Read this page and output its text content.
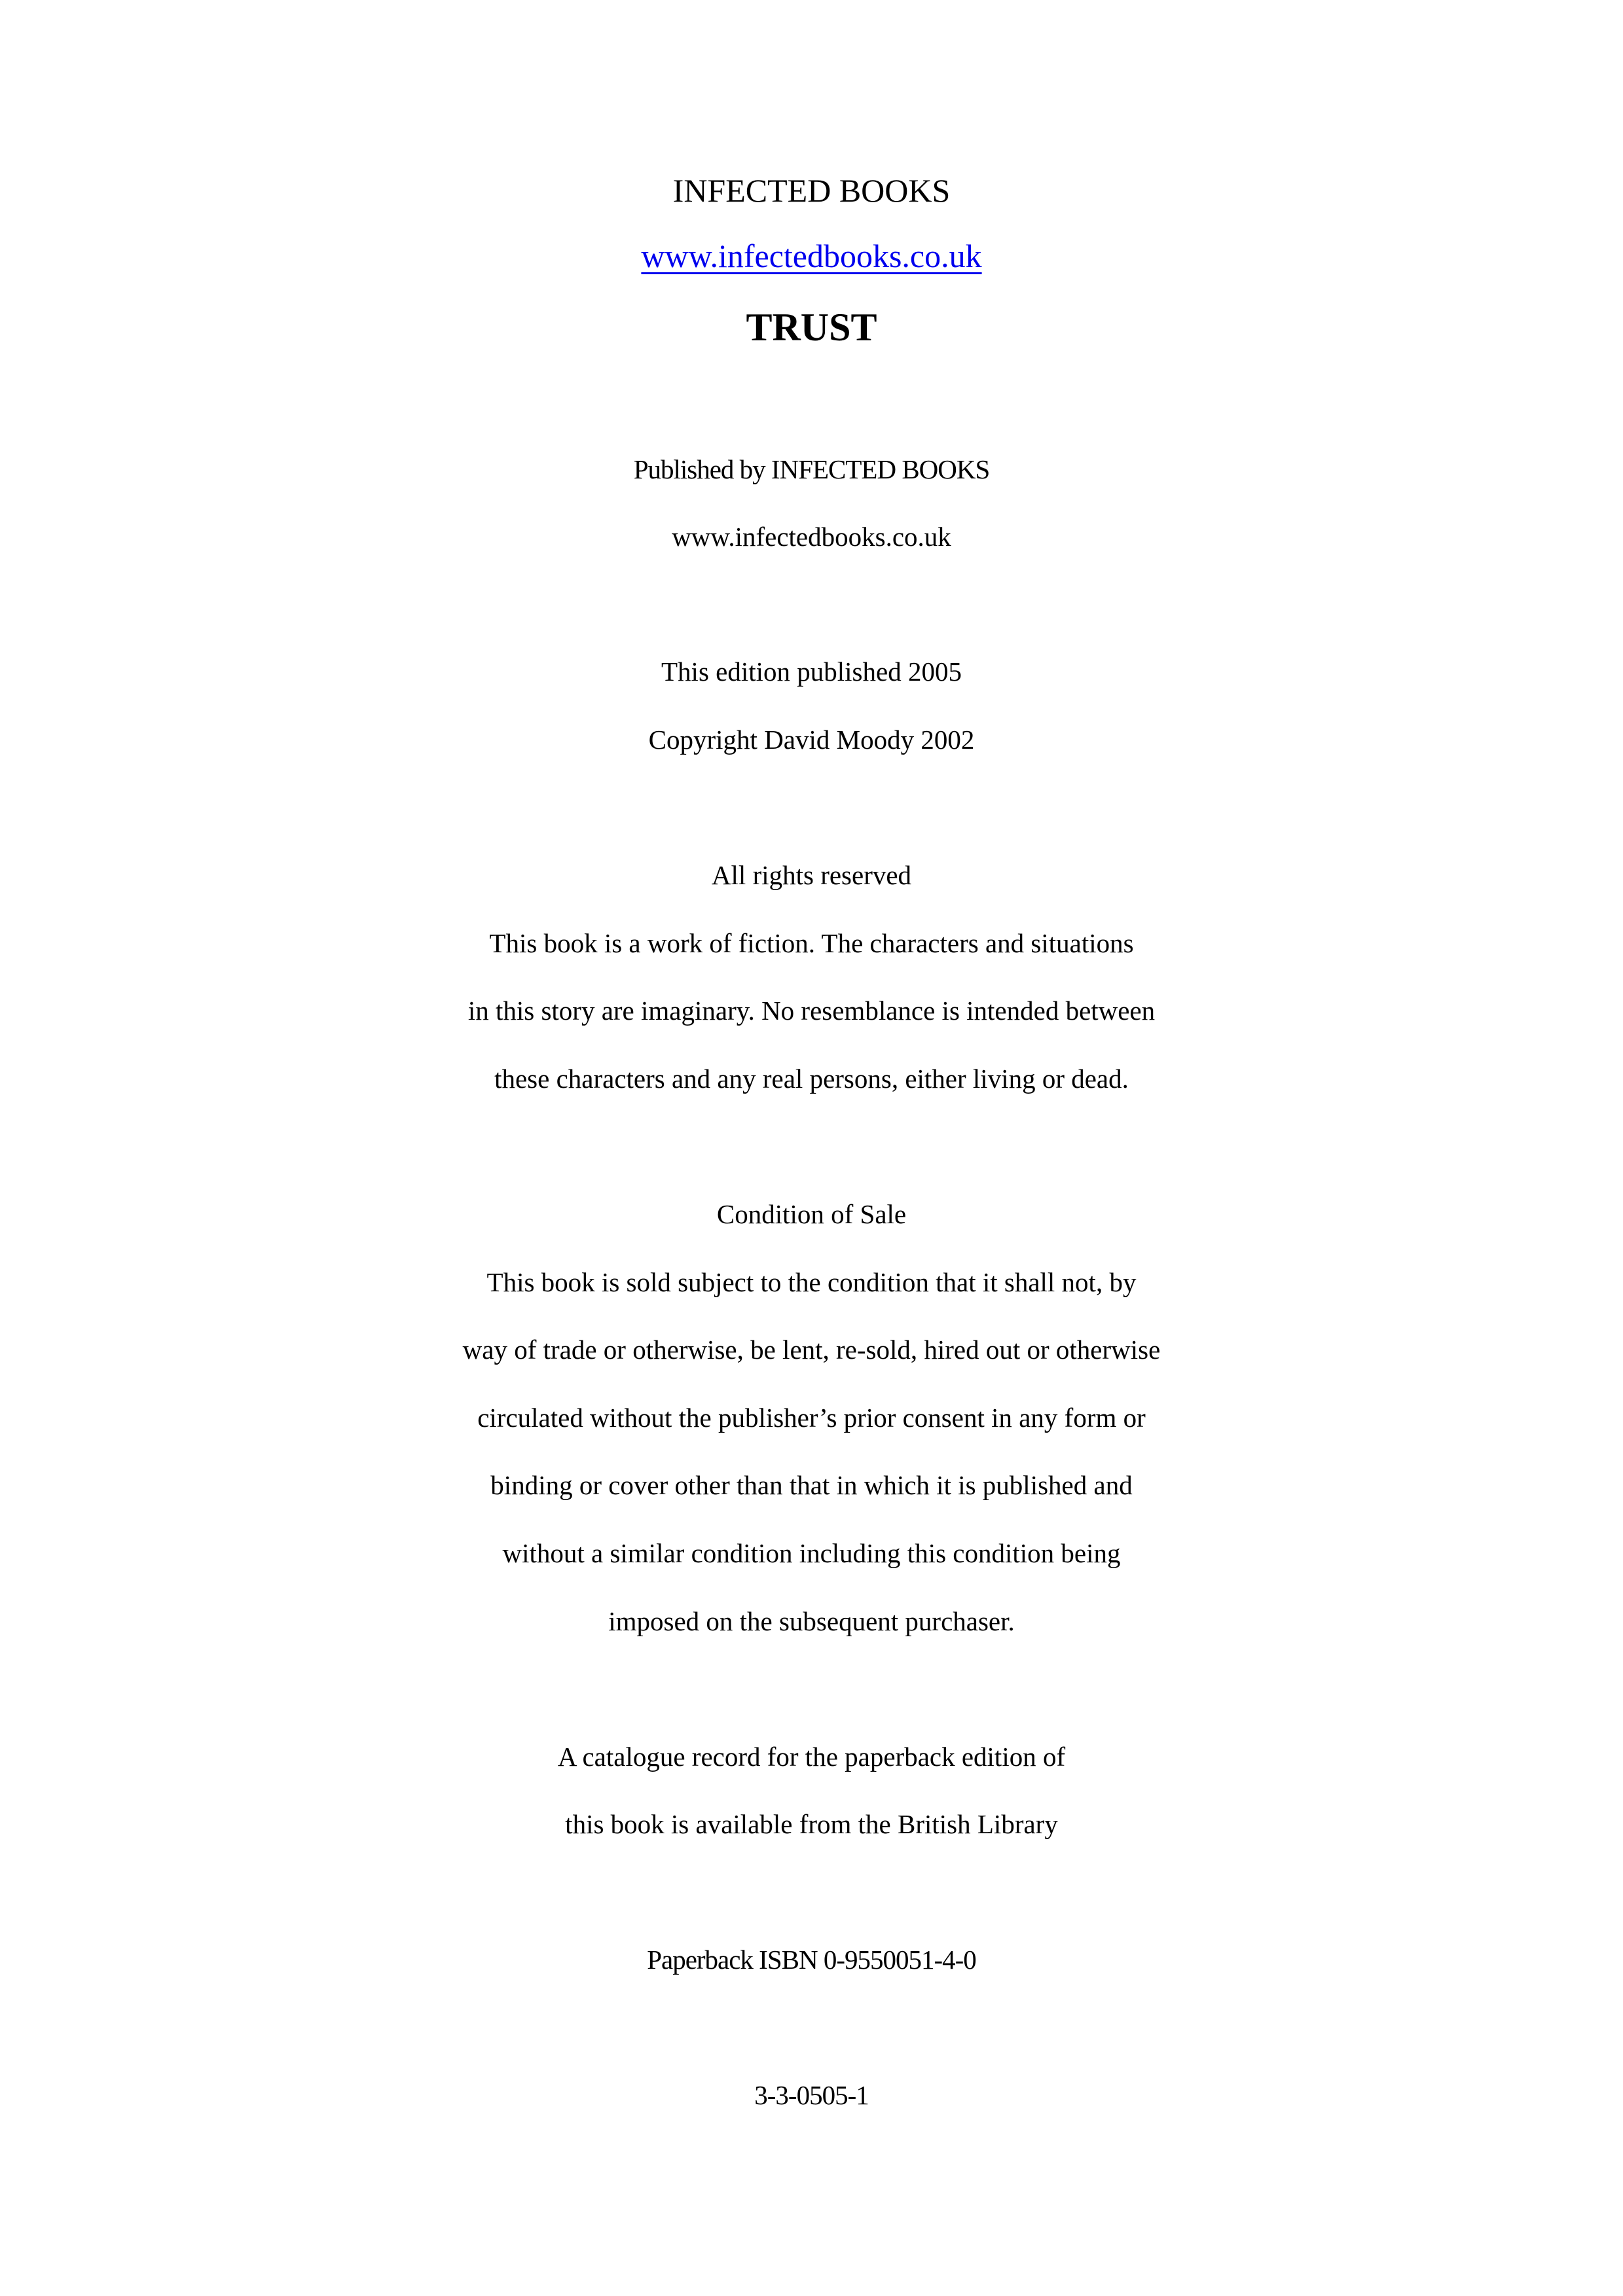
INFECTED BOOKS

www.infectedbooks.co.uk

TRUST

Published by INFECTED BOOKS

www.infectedbooks.co.uk

This edition published 2005

Copyright David Moody 2002

All rights reserved

This book is a work of fiction. The characters and situations

in this story are imaginary. No resemblance is intended between

these characters and any real persons, either living or dead.

Condition of Sale

This book is sold subject to the condition that it shall not, by

way of trade or otherwise, be lent, re-sold, hired out or otherwise

circulated without the publisher’s prior consent in any form or

binding or cover other than that in which it is published and

without a similar condition including this condition being

imposed on the subsequent purchaser.

A catalogue record for the paperback edition of

this book is available from the British Library

Paperback ISBN 0-9550051-4-0

3-3-0505-1
